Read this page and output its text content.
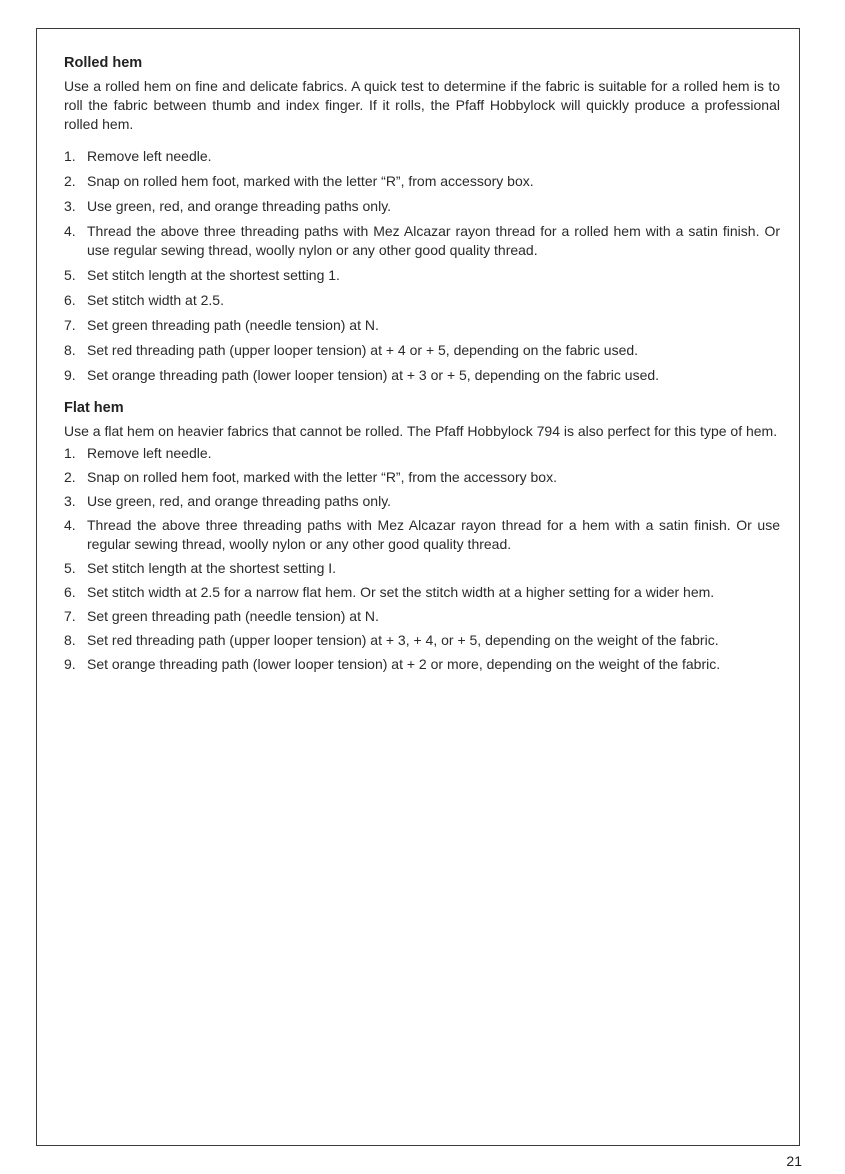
Rolled hem

Use a rolled hem on fine and delicate fabrics. A quick test to determine if the fabric is suitable for a rolled hem is to roll the fabric between thumb and index finger. If it rolls, the Pfaff Hobbylock will quickly produce a professional rolled hem.

1. Remove left needle.
2. Snap on rolled hem foot, marked with the letter “R”, from accessory box.
3. Use green, red, and orange threading paths only.
4. Thread the above three threading paths with Mez Alcazar rayon thread for a rolled hem with a satin finish. Or use regular sewing thread, woolly nylon or any other good quality thread.
5. Set stitch length at the shortest setting 1.
6. Set stitch width at 2.5.
7. Set green threading path (needle tension) at N.
8. Set red threading path (upper looper tension) at + 4 or + 5, depending on the fabric used.
9. Set orange threading path (lower looper tension) at + 3 or + 5, depending on the fabric used.
Flat hem

Use a flat hem on heavier fabrics that cannot be rolled. The Pfaff Hobbylock 794 is also perfect for this type of hem.

1. Remove left needle.
2. Snap on rolled hem foot, marked with the letter “R”, from the accessory box.
3. Use green, red, and orange threading paths only.
4. Thread the above three threading paths with Mez Alcazar rayon thread for a hem with a satin finish. Or use regular sewing thread, woolly nylon or any other good quality thread.
5. Set stitch length at the shortest setting I.
6. Set stitch width at 2.5 for a narrow flat hem. Or set the stitch width at a higher setting for a wider hem.
7. Set green threading path (needle tension) at N.
8. Set red threading path (upper looper tension) at + 3, + 4, or + 5, depending on the weight of the fabric.
9. Set orange threading path (lower looper tension) at + 2 or more, depending on the weight of the fabric.
21
